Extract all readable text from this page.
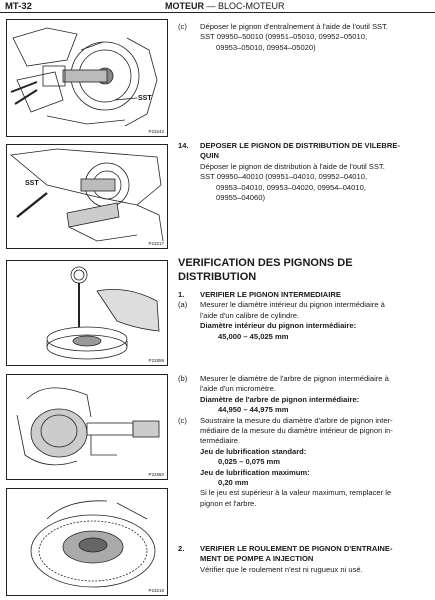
MT-32	MOTEUR — BLOC-MOTEUR
SST
P23242
SST
P23217
P22859
P22860
P23218
(c)	Déposer le pignon d'entraînement à l'aide de l'outil SST.
SST 09950–50010 (09951–05010, 09952–05010,
09953–05010, 09954–05020)
14.	DEPOSER LE PIGNON DE DISTRIBUTION DE VILEBRE-
QUIN
Déposer le pignon de distribution à l'aide de l'outil SST.
SST 09950–40010 (09951–04010, 09952–04010,
09953–04010, 09953–04020, 09954–04010,
09955–04060)
VERIFICATION DES PIGNONS DE
DISTRIBUTION
1.	VERIFIER LE PIGNON INTERMEDIAIRE
(a)	Mesurer le diamètre intérieur du pignon intermédiaire à
l'aide d'un calibre de cylindre.
Diamètre intérieur du pignon intermédiaire:
45,000 – 45,025 mm
(b)	Mesurer le diamètre de l'arbre de pignon intermédiaire à
l'aide d'un micromètre.
Diamètre de l'arbre de pignon intermédiaire:
44,950 – 44,975 mm
(c)	Soustraire la mesure du diamètre d'arbre de pignon inter-
médiaire de la mesure du diamètre intérieur de pignon in-
termédiaire.
Jeu de lubrification standard:
0,025 – 0,075 mm
Jeu de lubrification maximum:
0,20 mm
Si le jeu est supérieur à la valeur maximum, remplacer le
pignon et l'arbre.
2.	VERIFIER LE ROULEMENT DE PIGNON D'ENTRAINE-
MENT DE POMPE A INJECTION
Vérifier que le roulement n'est ni rugueux ni usé.
